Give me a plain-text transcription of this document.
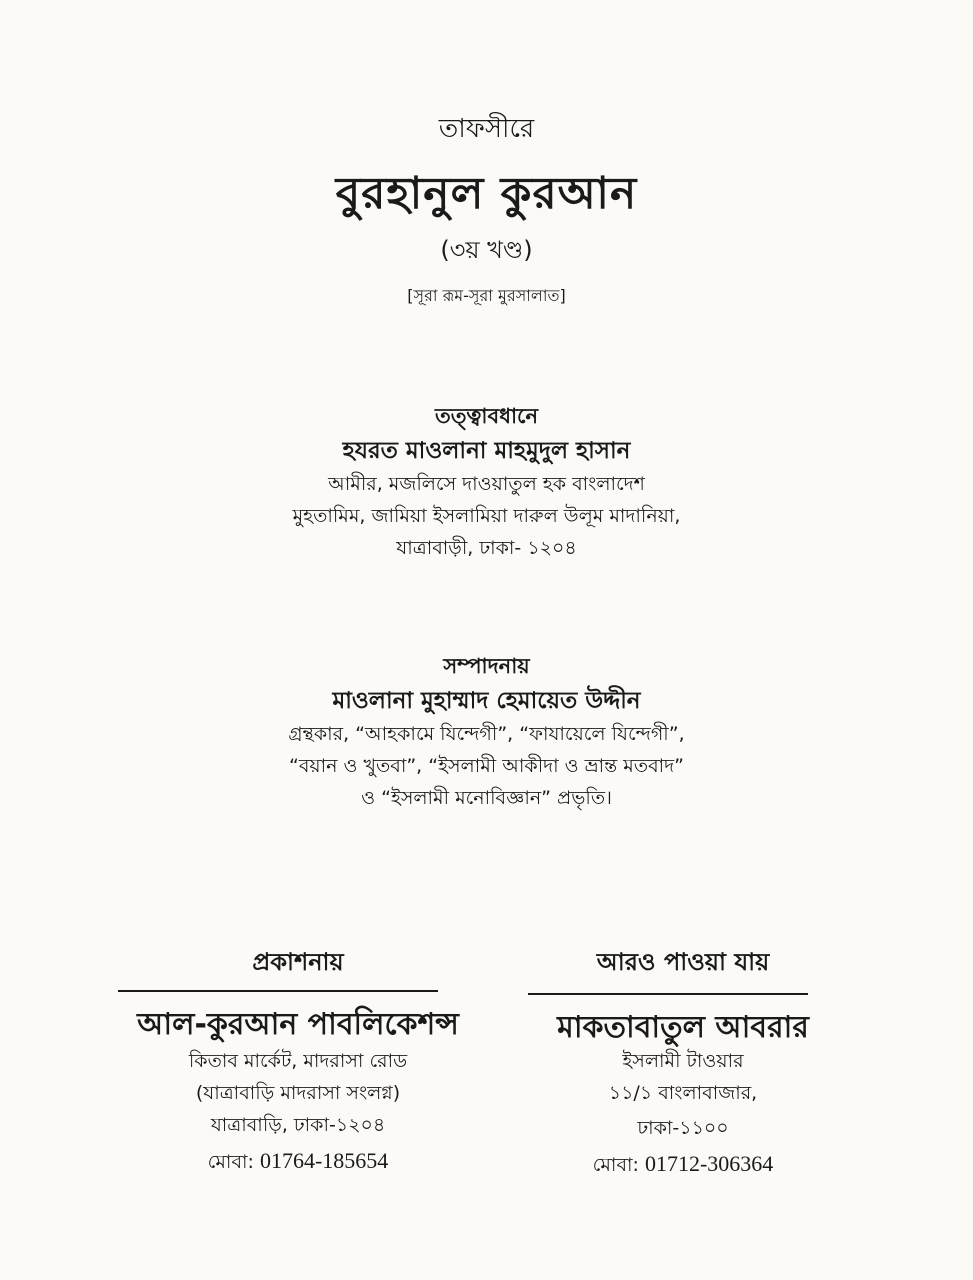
তাফসীরে
বুরহানুল কুরআন
(৩য় খণ্ড)
[সূরা রূম-সূরা মুরসালাত]
তত্ত্বাবধানে
হযরত মাওলানা মাহমুদুল হাসান
আমীর, মজলিসে দাওয়াতুল হক বাংলাদেশ
মুহতামিম, জামিয়া ইসলামিয়া দারুল উলূম মাদানিয়া,
যাত্রাবাড়ী, ঢাকা- ১২০৪
সম্পাদনায়
মাওলানা মুহাম্মাদ হেমায়েত উদ্দীন
গ্রন্থকার, “আহকামে যিন্দেগী”, “ফাযায়েলে যিন্দেগী”,
“বয়ান ও খুতবা”, “ইসলামী আকীদা ও ভ্রান্ত মতবাদ”
ও “ইসলামী মনোবিজ্ঞান” প্রভৃতি।
প্রকাশনায়
আল-কুরআন পাবলিকেশন্স
কিতাব মার্কেট, মাদরাসা রোড
(যাত্রাবাড়ি মাদরাসা সংলগ্ন)
যাত্রাবাড়ি, ঢাকা-১২০৪
মোবা: 01764-185654
আরও পাওয়া যায়
মাকতাবাতুল আবরার
ইসলামী টাওয়ার
১১/১ বাংলাবাজার,
ঢাকা-১১০০
মোবা: 01712-306364
